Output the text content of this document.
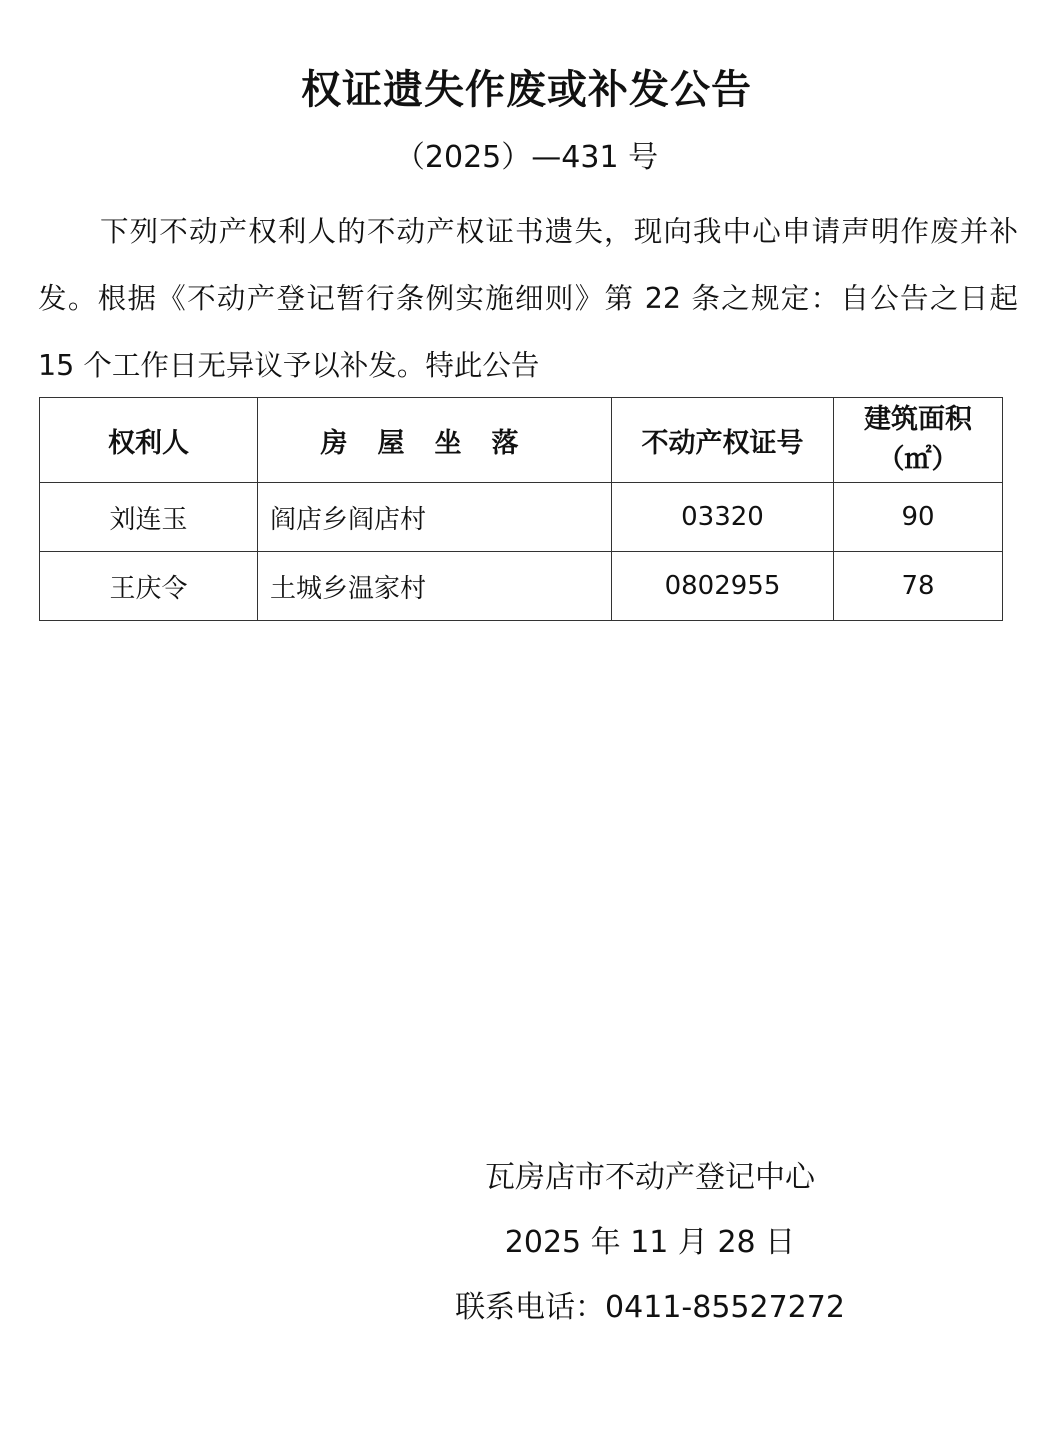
权证遗失作废或补发公告
（2025）—431 号

下列不动产权利人的不动产权证书遗失，现向我中心申请声明作废并补发。根据《不动产登记暂行条例实施细则》第 22 条之规定：自公告之日起 15 个工作日无异议予以补发。特此公告

权利人	房屋坐落	不动产权证号	建筑面积
（㎡）

刘连玉	阎店乡阎店村	03320	90
王庆令	土城乡温家村	0802955	78
瓦房店市不动产登记中心
2025 年 11 月 28 日
联系电话：0411-85527272
